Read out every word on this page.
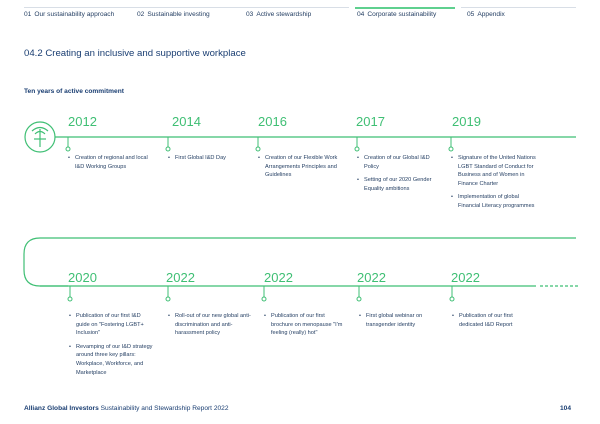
01 Our sustainability approach	02 Sustainable investing	03 Active stewardship	04 Corporate sustainability	05 Appendix
04.2 Creating an inclusive and supportive workplace
Ten years of active commitment
2012	2014	2016	2017	2019
• Creation of regional and local I&D Working Groups
• First Global I&D Day
•	Creation of our Flexible Work Arrangements Principles and Guidelines
• Creation of our Global I&D Policy
• Setting of our 2020 Gender Equality ambitions
• Signature of the United Nations LGBT Standard of Conduct for Business and of Women in Finance Charter
• Implementation of global Financial Literacy programmes
2020	2022	2022	2022	2022
• Publication of our first I&D guide on "Fostering LGBT+ Inclusion"
• Revamping of our I&D strategy around three key pillars: Workplace, Workforce, and Marketplace
• Roll-out of our new global anti-discrimination and anti-harassment policy
• Publication of our first brochure on menopause "I'm feeling (really) hot"
• First global webinar on transgender identity
• Publication of our first dedicated I&D Report
Allianz Global Investors Sustainability and Stewardship Report 2022	104
